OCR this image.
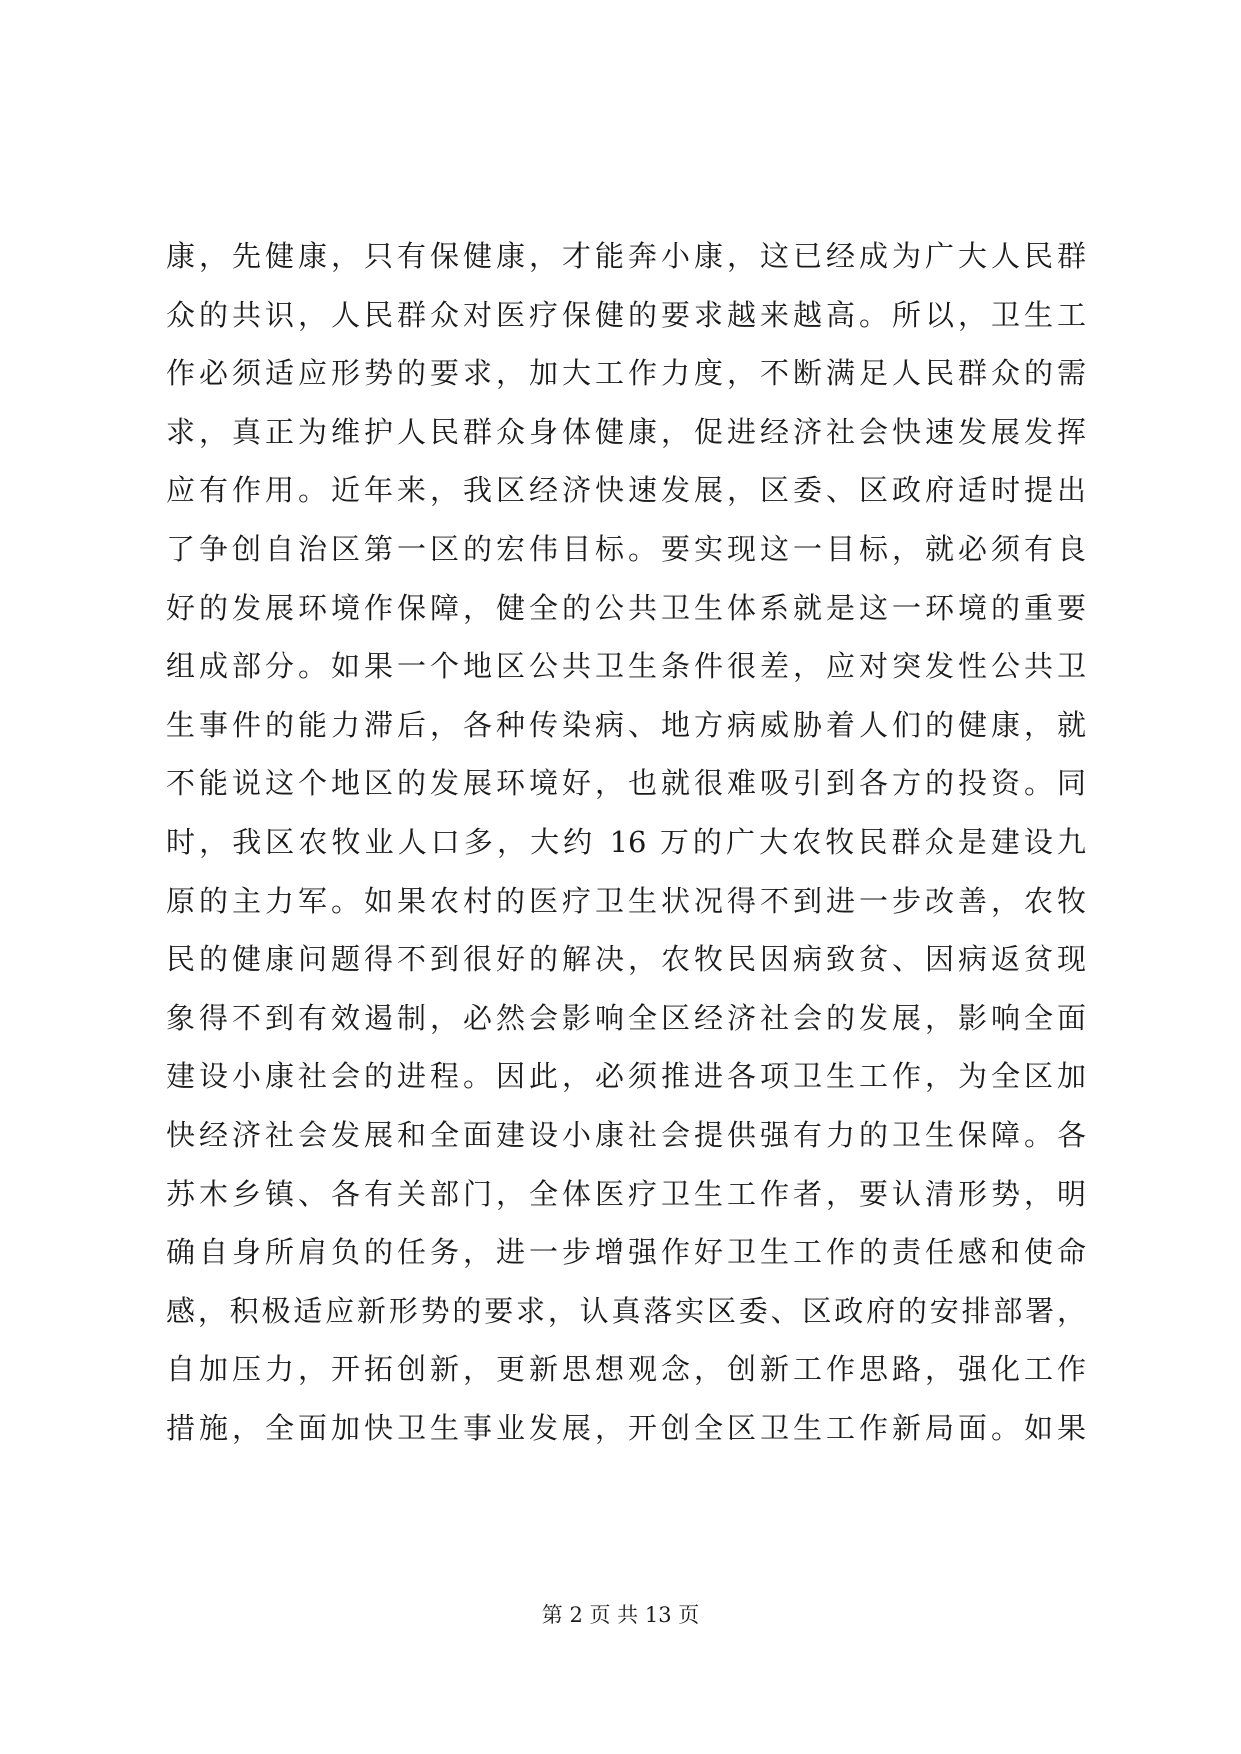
康，先健康，只有保健康，才能奔小康，这已经成为广大人民群
众的共识，人民群众对医疗保健的要求越来越高。所以，卫生工
作必须适应形势的要求，加大工作力度，不断满足人民群众的需
求，真正为维护人民群众身体健康，促进经济社会快速发展发挥
应有作用。近年来，我区经济快速发展，区委、区政府适时提出
了争创自治区第一区的宏伟目标。要实现这一目标，就必须有良
好的发展环境作保障，健全的公共卫生体系就是这一环境的重要
组成部分。如果一个地区公共卫生条件很差，应对突发性公共卫
生事件的能力滞后，各种传染病、地方病威胁着人们的健康，就
不能说这个地区的发展环境好，也就很难吸引到各方的投资。同
时，我区农牧业人口多，大约 16 万的广大农牧民群众是建设九
原的主力军。如果农村的医疗卫生状况得不到进一步改善，农牧
民的健康问题得不到很好的解决，农牧民因病致贫、因病返贫现
象得不到有效遏制，必然会影响全区经济社会的发展，影响全面
建设小康社会的进程。因此，必须推进各项卫生工作，为全区加
快经济社会发展和全面建设小康社会提供强有力的卫生保障。各
苏木乡镇、各有关部门，全体医疗卫生工作者，要认清形势，明
确自身所肩负的任务，进一步增强作好卫生工作的责任感和使命
感，积极适应新形势的要求，认真落实区委、区政府的安排部署，
自加压力，开拓创新，更新思想观念，创新工作思路，强化工作
措施，全面加快卫生事业发展，开创全区卫生工作新局面。如果
第 2 页 共 13 页
